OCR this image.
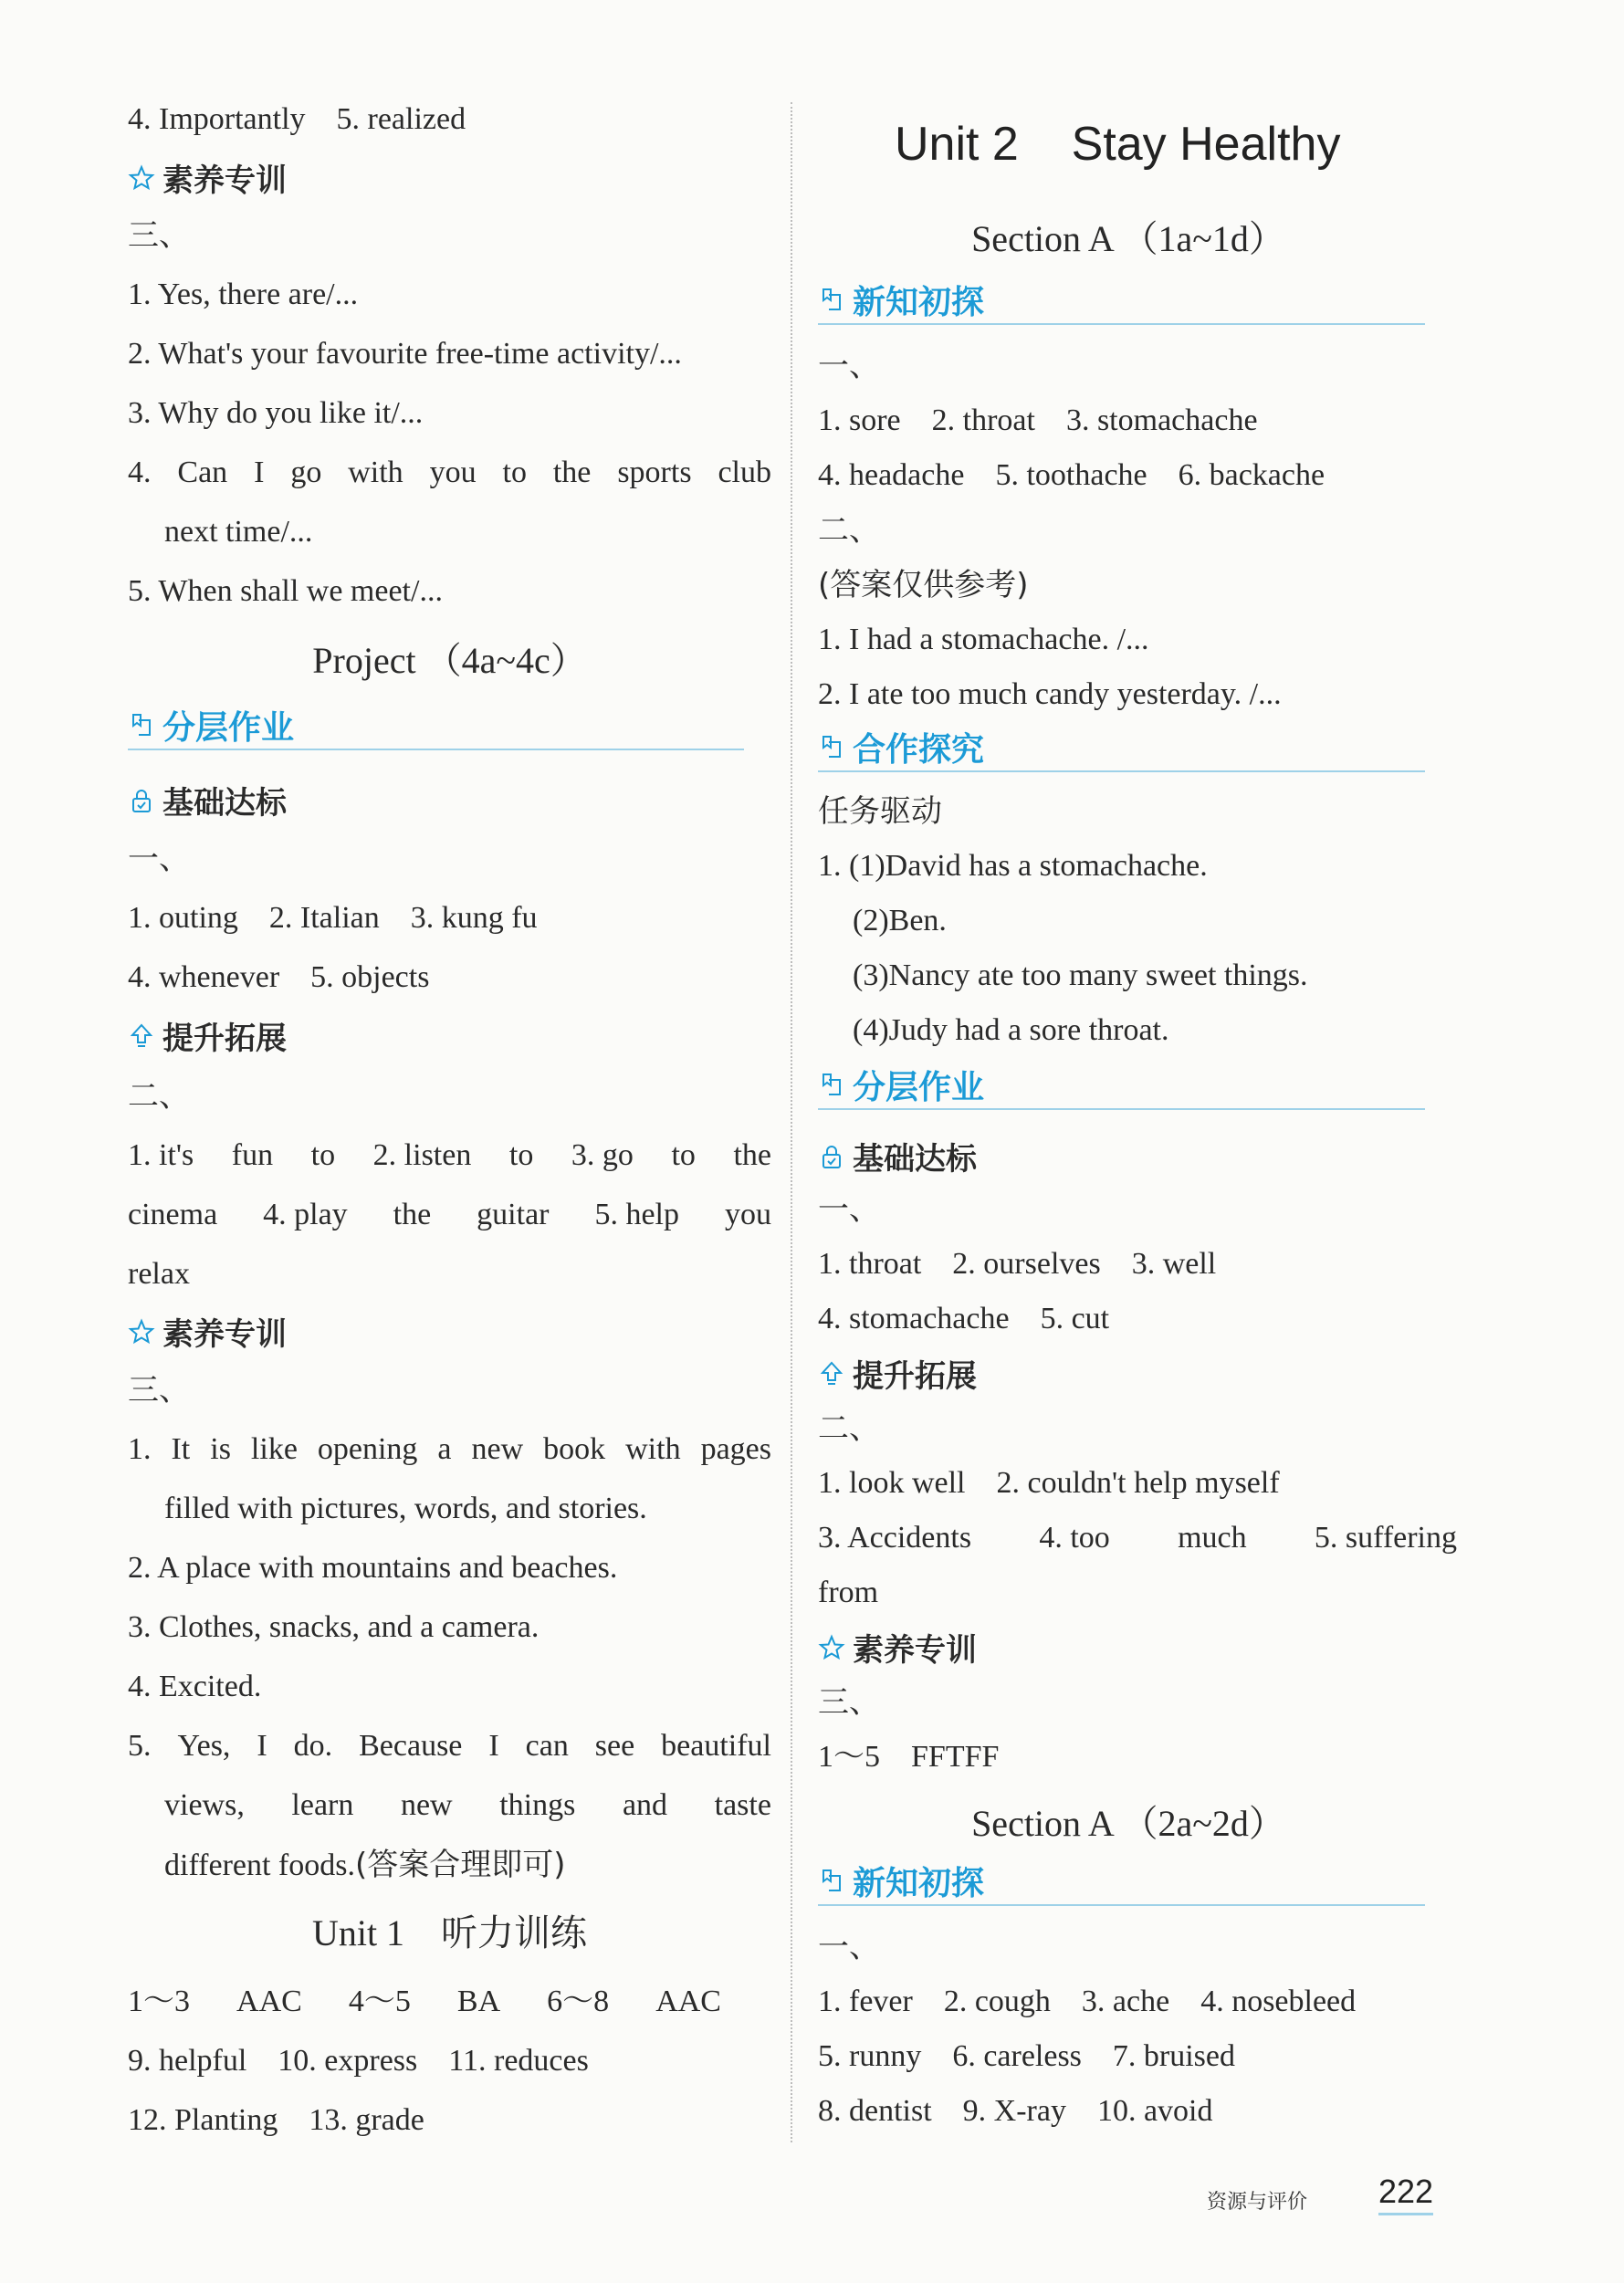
4. Importantly    5. realized
素养专训
三、
1. Yes, there are/...
2. What's your favourite free-time activity/...
3. Why do you like it/...
4. Can I go with you to the sports club
next time/...
5. When shall we meet/...
Project （4a~4c）
分层作业
基础达标
一、
1. outing    2. Italian    3. kung fu
4. whenever    5. objects
提升拓展
二、
1. it's fun to 2. listen to 3. go to the
cinema 4. play the guitar 5. help you
relax
素养专训
三、
1. It is like opening a new book with pages
filled with pictures, words, and stories.
2. A place with mountains and beaches.
3. Clothes, snacks, and a camera.
4. Excited.
5. Yes, I do. Because I can see beautiful
views, learn new things and taste
different foods.(答案合理即可)
Unit 1    听力训练
1～3 AAC 4～5 BA 6～8 AAC
9. helpful    10. express    11. reduces
12. Planting    13. grade
Unit 2    Stay Healthy
Section A （1a~1d）
新知初探
一、
1. sore    2. throat    3. stomachache
4. headache    5. toothache    6. backache
二、
(答案仅供参考)
1. I had a stomachache. /...
2. I ate too much candy yesterday. /...
合作探究
任务驱动
1. (1)David has a stomachache.
(2)Ben.
(3)Nancy ate too many sweet things.
(4)Judy had a sore throat.
分层作业
基础达标
一、
1. throat    2. ourselves    3. well
4. stomachache    5. cut
提升拓展
二、
1. look well    2. couldn't help myself
3. Accidents 4. too much 5. suffering
from
素养专训
三、
1～5    FFTFF
Section A （2a~2d）
新知初探
一、
1. fever    2. cough    3. ache    4. nosebleed
5. runny    6. careless    7. bruised
8. dentist    9. X-ray    10. avoid
资源与评价 222
